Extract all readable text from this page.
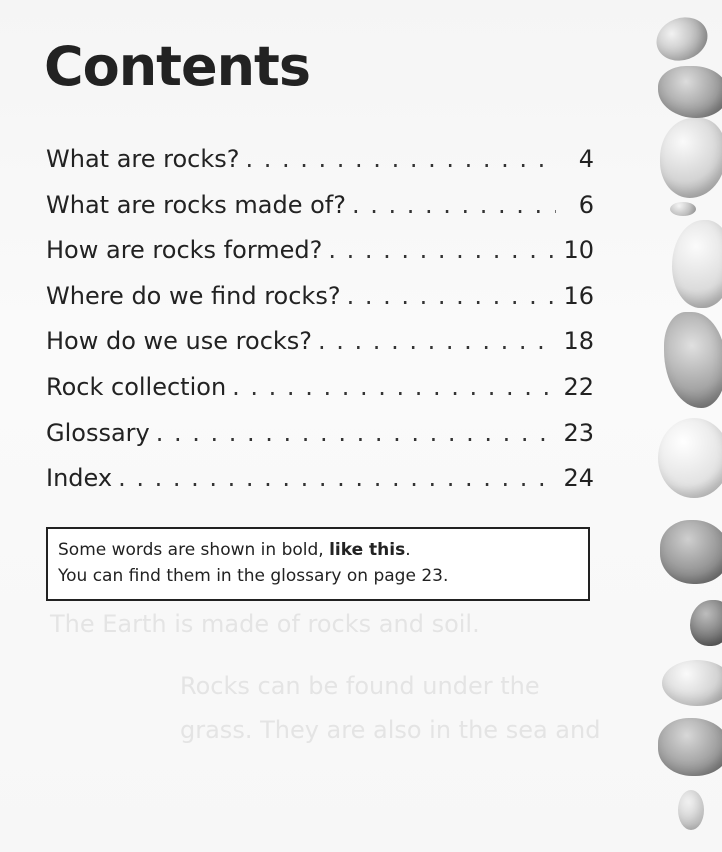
The Earth is made of rocks and soil.
Rocks can be found under the
grass. They are also in the sea and
Contents
What are rocks? . . .	4
What are rocks made of? . . .	6
How are rocks formed? . . .	10
Where do we find rocks? . . .	16
How do we use rocks? . . .	18
Rock collection . . .	22
Glossary . . .	23
Index . . .	24
Some words are shown in bold, like this.
You can find them in the glossary on page 23.
